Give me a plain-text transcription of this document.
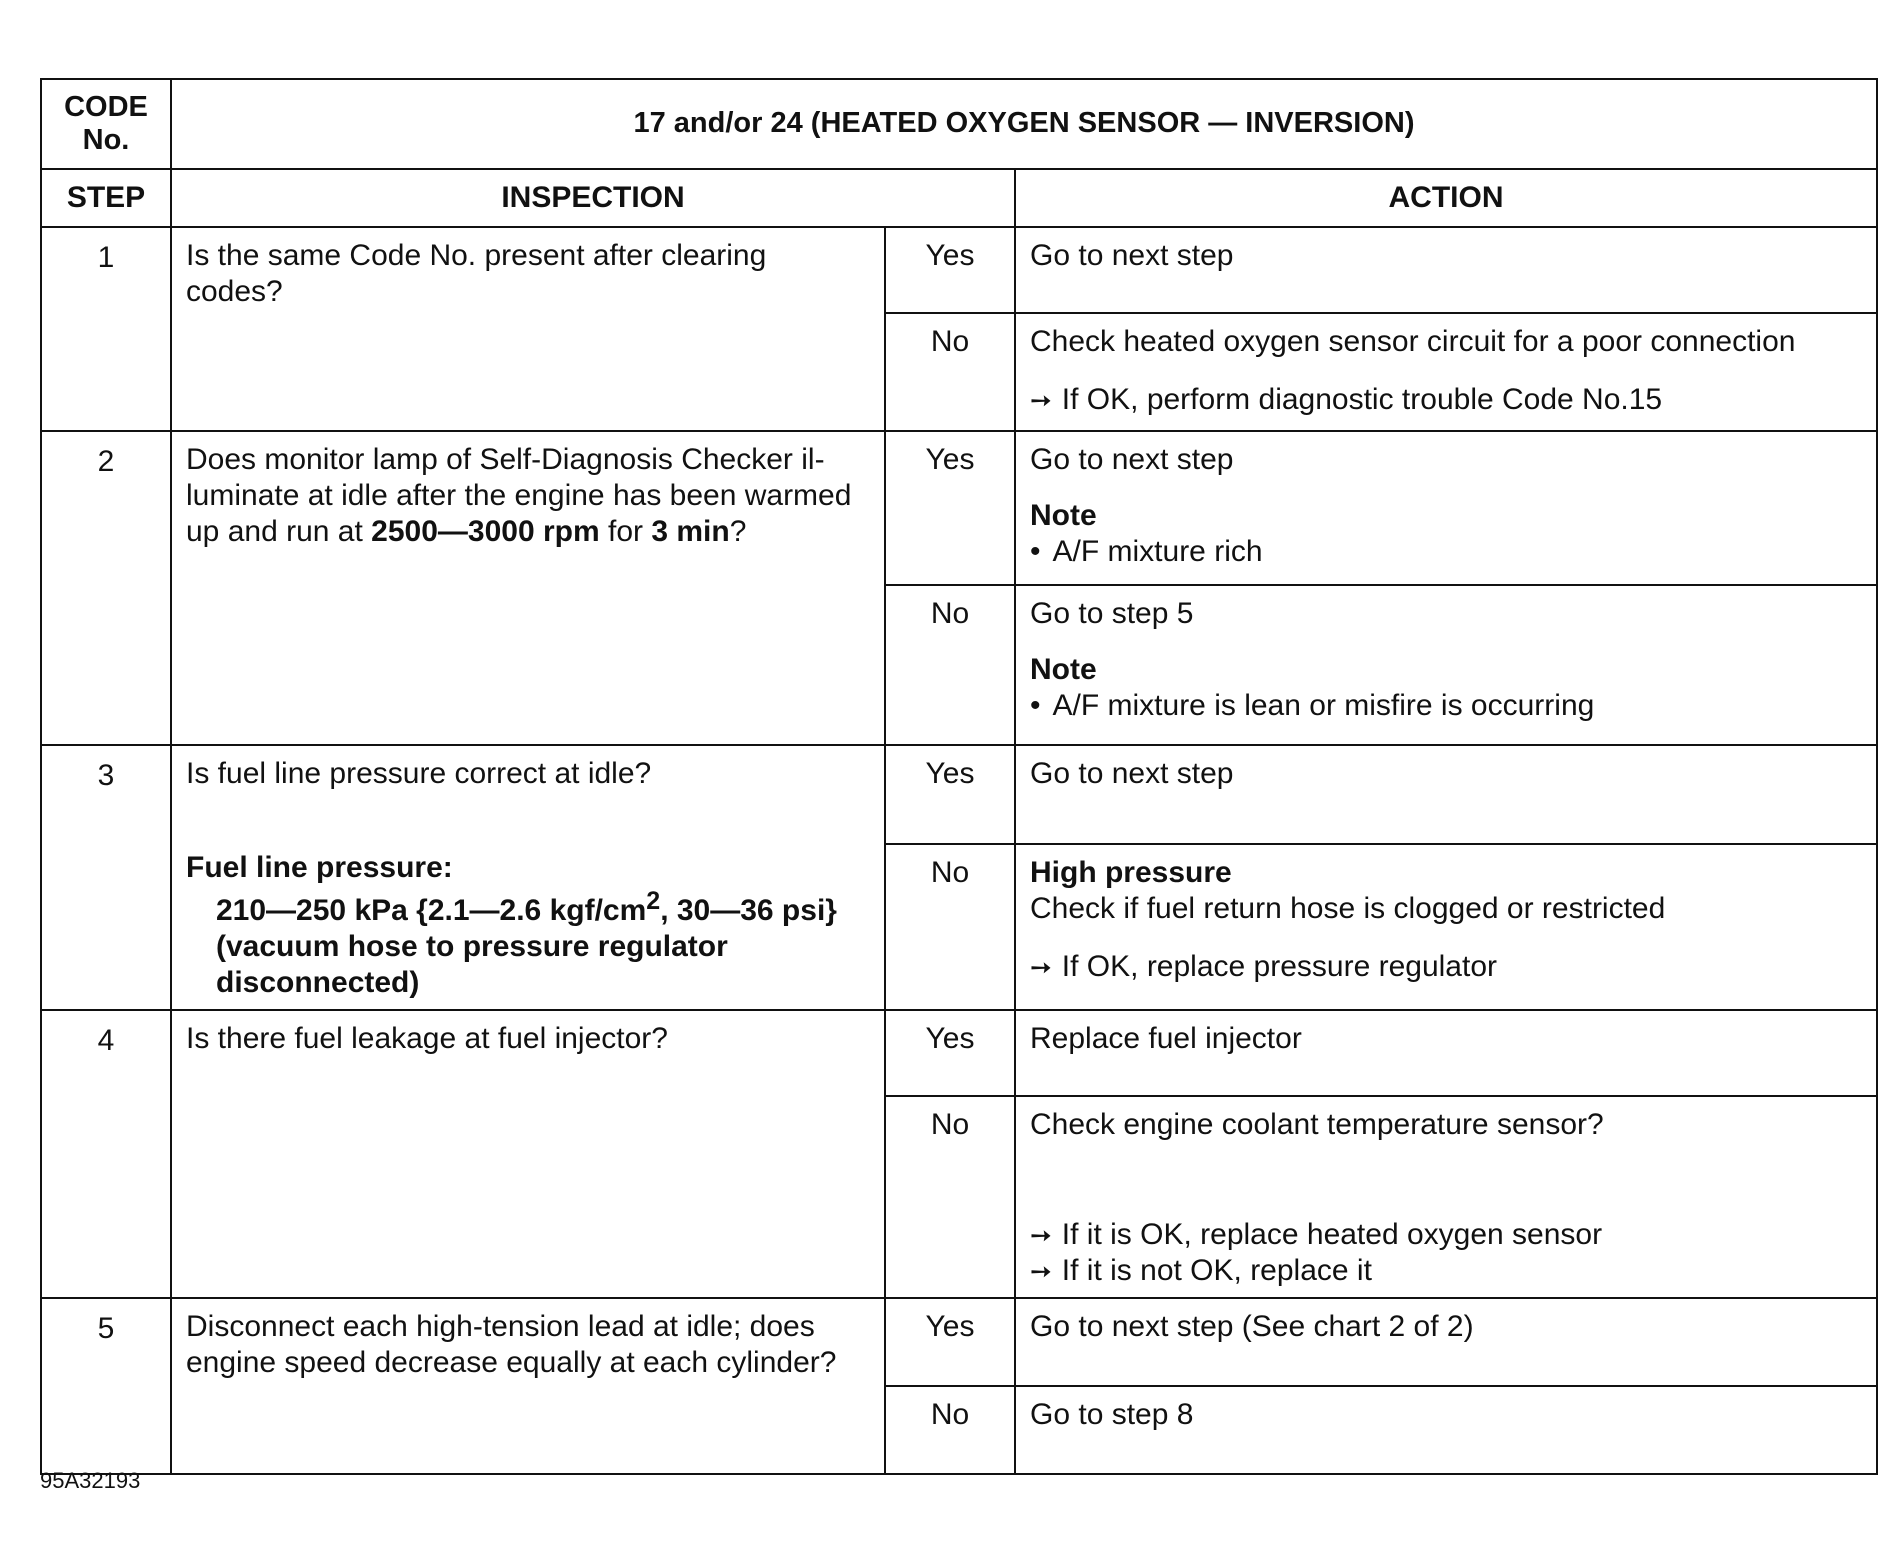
CODE
No.	17 and/or 24 (HEATED OXYGEN SENSOR — INVERSION)		
STEP	INSPECTION		ACTION
1	Is the same Code No. present after clearing codes?	Yes	Go to next step
		No	Check heated oxygen sensor circuit for a poor connection
➙ If OK, perform diagnostic trouble Code No.15

2	Does monitor lamp of Self-Diagnosis Checker il- luminate at idle after the engine has been warmed up and run at 2500—3000 rpm for 3 min?	Yes	Go to next step
Note
• A/F mixture rich

		No	Go to step 5
Note
• A/F mixture is lean or misfire is occurring

3	Is fuel line pressure correct at idle?
Fuel line pressure:
210—250 kPa {2.1—2.6 kgf/$cm^2$, 30—36 psi}
(vacuum hose to pressure regulator
disconnected)	Yes	Go to next step
		No	High pressure
Check if fuel return hose is clogged or restricted
➙ If OK, replace pressure regulator

4	Is there fuel leakage at fuel injector?	Yes	Replace fuel injector
		No	Check engine coolant temperature sensor?
➙ If it is OK, replace heated oxygen sensor
➙ If it is not OK, replace it

5	Disconnect each high-tension lead at idle; does engine speed decrease equally at each cylinder?	Yes	Go to next step (See chart 2 of 2)
		No	Go to step 8
95A32193
